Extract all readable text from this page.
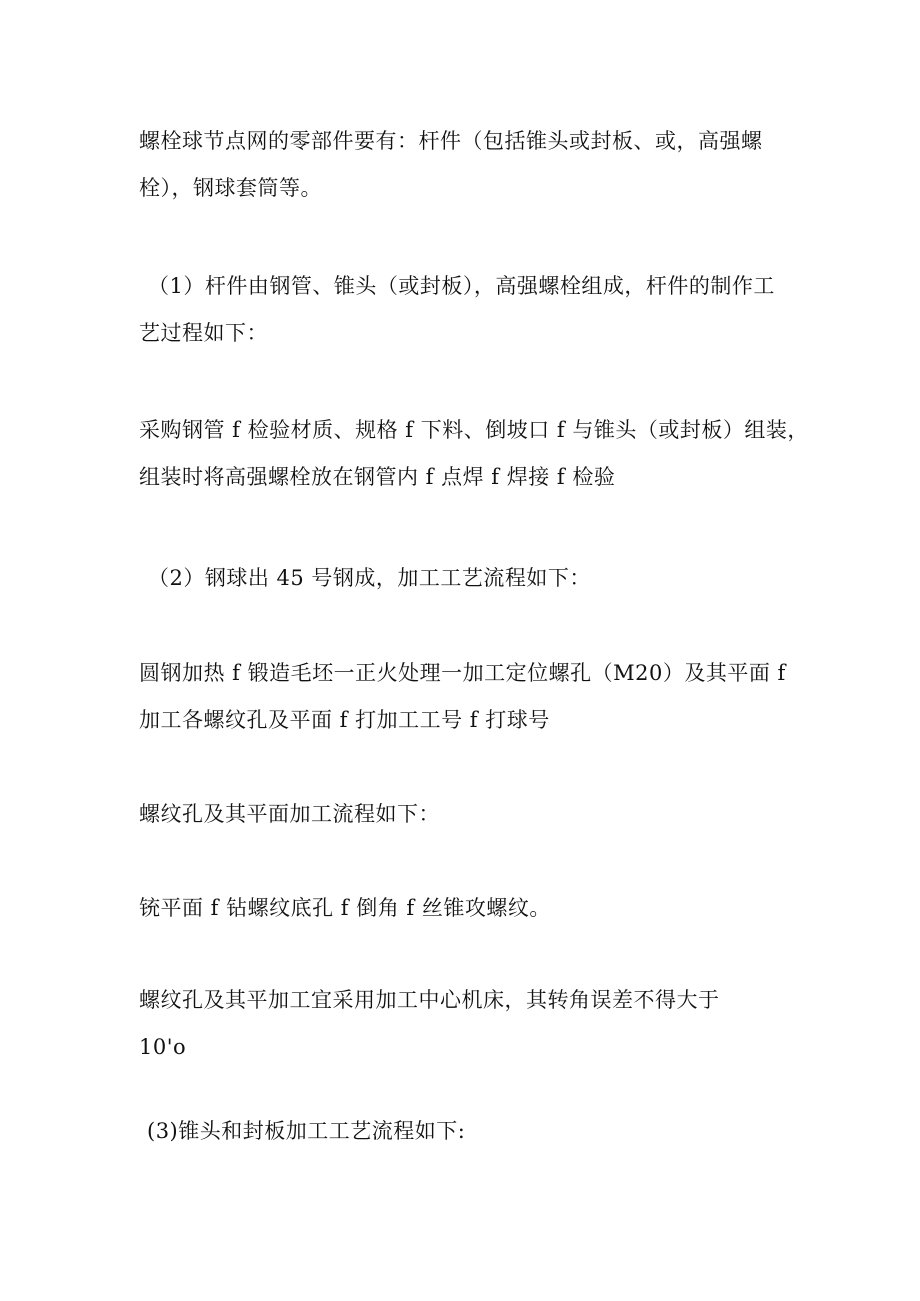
螺栓球节点网的零部件要有：杆件（包括锥头或封板、或，高强螺
栓），钢球套筒等。
（1）杆件由钢管、锥头（或封板），高强螺栓组成，杆件的制作工
艺过程如下：
采购钢管 f 检验材质、规格 f 下料、倒坡口 f 与锥头（或封板）组装，
组装时将高强螺栓放在钢管内 f 点焊 f 焊接 f 检验
（2）钢球出 45 号钢成，加工工艺流程如下：
圆钢加热 f 锻造毛坯一正火处理一加工定位螺孔（M20）及其平面 f
加工各螺纹孔及平面 f 打加工工号 f 打球号
螺纹孔及其平面加工流程如下：
铳平面 f 钻螺纹底孔 f 倒角 f 丝锥攻螺纹。
螺纹孔及其平加工宜采用加工中心机床，其转角误差不得大于
10'o
(3)锥头和封板加工工艺流程如下:
